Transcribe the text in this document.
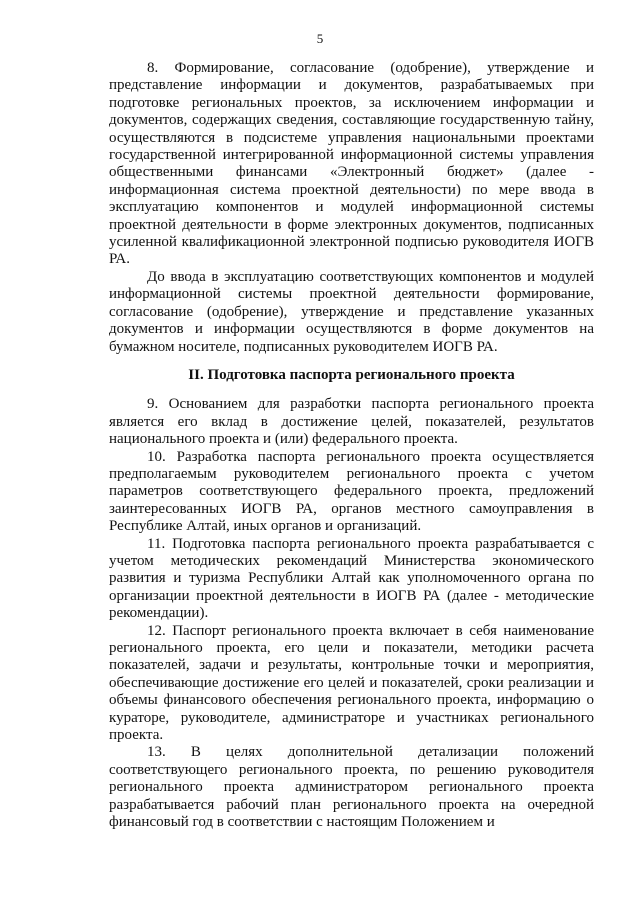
5

8. Формирование, согласование (одобрение), утверждение и представление информации и документов, разрабатываемых при подготовке региональных проектов, за исключением информации и документов, содержащих сведения, составляющие государственную тайну, осуществляются в подсистеме управления национальными проектами государственной интегрированной информационной системы управления общественными финансами «Электронный бюджет» (далее - информационная система проектной деятельности) по мере ввода в эксплуатацию компонентов и модулей информационной системы проектной деятельности в форме электронных документов, подписанных усиленной квалификационной электронной подписью руководителя ИОГВ РА.

До ввода в эксплуатацию соответствующих компонентов и модулей информационной системы проектной деятельности формирование, согласование (одобрение), утверждение и представление указанных документов и информации осуществляются в форме документов на бумажном носителе, подписанных руководителем ИОГВ РА.

II. Подготовка паспорта регионального проекта

9. Основанием для разработки паспорта регионального проекта является его вклад в достижение целей, показателей, результатов национального проекта и (или) федерального проекта.

10. Разработка паспорта регионального проекта осуществляется предполагаемым руководителем регионального проекта с учетом параметров соответствующего федерального проекта, предложений заинтересованных ИОГВ РА, органов местного самоуправления в Республике Алтай, иных органов и организаций.

11. Подготовка паспорта регионального проекта разрабатывается с учетом методических рекомендаций Министерства экономического развития и туризма Республики Алтай как уполномоченного органа по организации проектной деятельности в ИОГВ РА (далее - методические рекомендации).

12. Паспорт регионального проекта включает в себя наименование регионального проекта, его цели и показатели, методики расчета показателей, задачи и результаты, контрольные точки и мероприятия, обеспечивающие достижение его целей и показателей, сроки реализации и объемы финансового обеспечения регионального проекта, информацию о кураторе, руководителе, администраторе и участниках регионального проекта.

13. В целях дополнительной детализации положений соответствующего регионального проекта, по решению руководителя регионального проекта администратором регионального проекта разрабатывается рабочий план регионального проекта на очередной финансовый год в соответствии с настоящим Положением и
